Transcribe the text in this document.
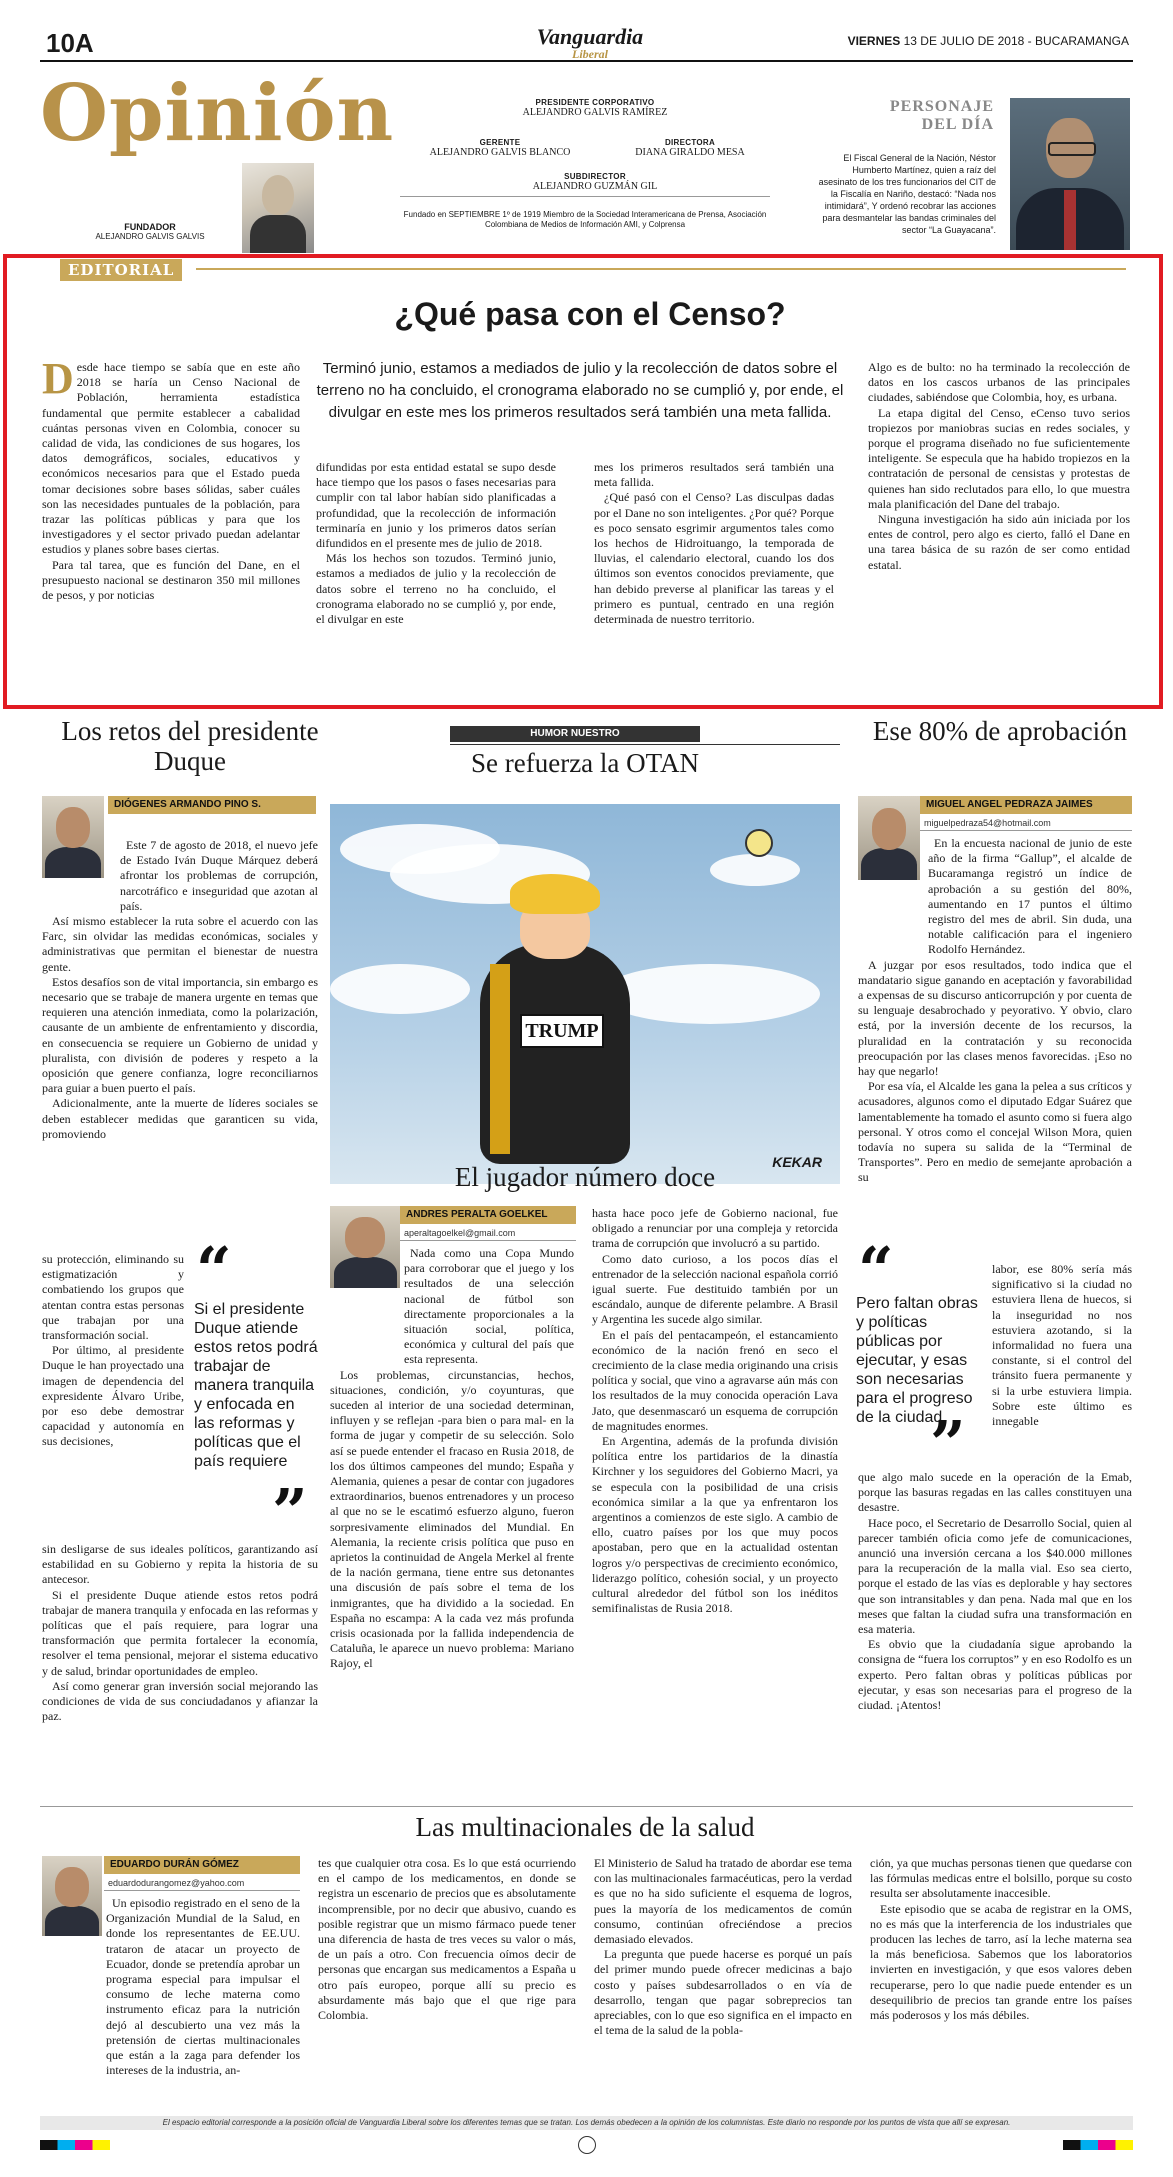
10A	Vanguardia
Liberal
VIERNES 13 DE JULIO DE 2018 - BUCARAMANGA
Opinión
FUNDADOR
ALEJANDRO GALVIS GALVIS
PRESIDENTE CORPORATIVO
ALEJANDRO GALVIS RAMÍREZ
GERENTE
ALEJANDRO GALVIS BLANCO
DIRECTORA
DIANA GIRALDO MESA
SUBDIRECTOR
ALEJANDRO GUZMÁN GIL
Fundado en SEPTIEMBRE 1º de 1919 Miembro de la Sociedad Interamericana de Prensa, Asociación Colombiana de Medios de Información AMI, y Colprensa
PERSONAJE
DEL DÍA
El Fiscal General de la Nación, Néstor Humberto Martínez, quien a raíz del asesinato de los tres funcionarios del CIT de la Fiscalía en Nariño, destacó: “Nada nos intimidará”, Y ordenó recobrar las acciones para desmantelar las bandas criminales del sector “La Guayacana”.
EDITORIAL
¿Qué pasa con el Censo?
Terminó junio, estamos a mediados de julio y la recolección de datos sobre el terreno no ha concluido, el cronograma elaborado no se cumplió y, por ende, el divulgar en este mes los primeros resultados será también una meta fallida.

Desde hace tiempo se sabía que en este año 2018 se haría un Censo Nacional de Población, herramienta estadística fundamental que permite establecer a cabalidad cuántas personas viven en Colombia, conocer su calidad de vida, las condiciones de sus hogares, los datos demográficos, sociales, educativos y económicos necesarios para que el Estado pueda tomar decisiones sobre bases sólidas, saber cuáles son las necesidades puntuales de la población, para trazar las políticas públicas y para que los investigadores y el sector privado puedan adelantar estudios y planes sobre bases ciertas.

Para tal tarea, que es función del Dane, en el presupuesto nacional se destinaron 350 mil millones de pesos, y por noticias

difundidas por esta entidad estatal se supo desde hace tiempo que los pasos o fases necesarias para cumplir con tal labor habían sido planificadas a profundidad, que la recolección de información terminaría en junio y los primeros datos serían difundidos en el presente mes de julio de 2018.

Más los hechos son tozudos. Terminó junio, estamos a mediados de julio y la recolección de datos sobre el terreno no ha concluido, el cronograma elaborado no se cumplió y, por ende, el divulgar en este

mes los primeros resultados será también una meta fallida.

¿Qué pasó con el Censo? Las disculpas dadas por el Dane no son inteligentes. ¿Por qué? Porque es poco sensato esgrimir argumentos tales como los hechos de Hidroituango, la temporada de lluvias, el calendario electoral, cuando los dos últimos son eventos conocidos previamente, que han debido preverse al planificar las tareas y el primero es puntual, centrado en una región determinada de nuestro territorio.

Algo es de bulto: no ha terminado la recolección de datos en los cascos urbanos de las principales ciudades, sabiéndose que Colombia, hoy, es urbana.

La etapa digital del Censo, eCenso tuvo serios tropiezos por maniobras sucias en redes sociales, y porque el programa diseñado no fue suficientemente inteligente. Se especula que ha habido tropiezos en la contratación de personal de censistas y protestas de quienes han sido reclutados para ello, lo que muestra mala planificación del Dane del trabajo.

Ninguna investigación ha sido aún iniciada por los entes de control, pero algo es cierto, falló el Dane en una tarea básica de su razón de ser como entidad estatal.

Los retos del presidente Duque
DIÓGENES ARMANDO PINO S.

Este 7 de agosto de 2018, el nuevo jefe de Estado Iván Duque Márquez deberá afrontar los problemas de corrupción, narcotráfico e inseguridad que azotan al país.

Así mismo establecer la ruta sobre el acuerdo con las Farc, sin olvidar las medidas económicas, sociales y administrativas que permitan el bienestar de nuestra gente.

Estos desafíos son de vital importancia, sin embargo es necesario que se trabaje de manera urgente en temas que requieren una atención inmediata, como la polarización, causante de un ambiente de enfrentamiento y discordia, en consecuencia se requiere un Gobierno de unidad y pluralista, con división de poderes y respeto a la oposición que genere confianza, logre reconciliarnos para guiar a buen puerto el país.

Adicionalmente, ante la muerte de líderes sociales se deben establecer medidas que garanticen su vida, promoviendo

su protección, eliminando su estigmatización y combatiendo los grupos que atentan contra estas personas que trabajan por una transformación social.

Por último, al presidente Duque le han proyectado una imagen de dependencia del expresidente Álvaro Uribe, por eso debe demostrar capacidad y autonomía en sus decisiones,

“
Si el presidente Duque atiende estos retos podrá trabajar de manera tranquila y enfocada en las reformas y políticas que el país requiere
”

sin desligarse de sus ideales políticos, garantizando así estabilidad en su Gobierno y repita la historia de su antecesor.

Si el presidente Duque atiende estos retos podrá trabajar de manera tranquila y enfocada en las reformas y políticas que el país requiere, para lograr una transformación que permita fortalecer la economía, resolver el tema pensional, mejorar el sistema educativo y de salud, brindar oportunidades de empleo.

Así como generar gran inversión social mejorando las condiciones de vida de sus conciudadanos y afianzar la paz.

HUMOR NUESTRO
Se refuerza la OTAN
TRUMP
KEKAR
El jugador número doce
ANDRES PERALTA GOELKEL
aperaltagoelkel@gmail.com

Nada como una Copa Mundo para corroborar que el juego y los resultados de una selección nacional de fútbol son directamente proporcionales a la situación social, política, económica y cultural del país que esta representa.

Los problemas, circunstancias, hechos, situaciones, condición, y/o coyunturas, que suceden al interior de una sociedad determinan, influyen y se reflejan -para bien o para mal- en la forma de jugar y competir de su selección. Solo así se puede entender el fracaso en Rusia 2018, de los dos últimos campeones del mundo; España y Alemania, quienes a pesar de contar con jugadores extraordinarios, buenos entrenadores y un proceso al que no se le escatimó esfuerzo alguno, fueron sorpresivamente eliminados del Mundial. En Alemania, la reciente crisis política que puso en aprietos la continuidad de Angela Merkel al frente de la nación germana, tiene entre sus detonantes una discusión de país sobre el tema de los inmigrantes, que ha dividido a la sociedad. En España no escampa: A la cada vez más profunda crisis ocasionada por la fallida independencia de Cataluña, le aparece un nuevo problema: Mariano Rajoy, el

hasta hace poco jefe de Gobierno nacional, fue obligado a renunciar por una compleja y retorcida trama de corrupción que involucró a su partido.

Como dato curioso, a los pocos días el entrenador de la selección nacional española corrió igual suerte. Fue destituido también por un escándalo, aunque de diferente pelambre. A Brasil y Argentina les sucede algo similar.

En el país del pentacampeón, el estancamiento económico de la nación frenó en seco el crecimiento de la clase media originando una crisis política y social, que vino a agravarse aún más con los resultados de la muy conocida operación Lava Jato, que desenmascaró un esquema de corrupción de magnitudes enormes.

En Argentina, además de la profunda división política entre los partidarios de la dinastía Kirchner y los seguidores del Gobierno Macri, ya se especula con la posibilidad de una crisis económica similar a la que ya enfrentaron los argentinos a comienzos de este siglo. A cambio de ello, cuatro países por los que muy pocos apostaban, pero que en la actualidad ostentan logros y/o perspectivas de crecimiento económico, liderazgo político, cohesión social, y un proyecto cultural alrededor del fútbol son los inéditos semifinalistas de Rusia 2018.

Ese 80% de aprobación
MIGUEL ANGEL PEDRAZA JAIMES
miguelpedraza54@hotmail.com

En la encuesta nacional de junio de este año de la firma “Gallup”, el alcalde de Bucaramanga registró un índice de aprobación a su gestión del 80%, aumentando en 17 puntos el último registro del mes de abril. Sin duda, una notable calificación para el ingeniero Rodolfo Hernández.

A juzgar por esos resultados, todo indica que el mandatario sigue ganando en aceptación y favorabilidad a expensas de su discurso anticorrupción y por cuenta de su lenguaje desabrochado y peyorativo. Y obvio, claro está, por la inversión decente de los recursos, la pluralidad en la contratación y su reconocida preocupación por las clases menos favorecidas. ¡Eso no hay que negarlo!

Por esa vía, el Alcalde les gana la pelea a sus críticos y acusadores, algunos como el diputado Edgar Suárez que lamentablemente ha tomado el asunto como si fuera algo personal. Y otros como el concejal Wilson Mora, quien todavía no supera su salida de la “Terminal de Transportes”. Pero en medio de semejante aprobación a su

“
Pero faltan obras y políticas públicas por ejecutar, y esas son necesarias para el progreso de la ciudad.
”

labor, ese 80% sería más significativo si la ciudad no estuviera llena de huecos, si la inseguridad no nos estuviera azotando, si la informalidad no fuera una constante, si el control del tránsito fuera permanente y si la urbe estuviera limpia. Sobre este último es innegable

que algo malo sucede en la operación de la Emab, porque las basuras regadas en las calles constituyen una desastre.

Hace poco, el Secretario de Desarrollo Social, quien al parecer también oficia como jefe de comunicaciones, anunció una inversión cercana a los $40.000 millones para la recuperación de la malla vial. Eso sea cierto, porque el estado de las vías es deplorable y hay sectores que son intransitables y dan pena. Nada mal que en los meses que faltan la ciudad sufra una transformación en esa materia.

Es obvio que la ciudadanía sigue aprobando la consigna de “fuera los corruptos” y en eso Rodolfo es un experto. Pero faltan obras y políticas públicas por ejecutar, y esas son necesarias para el progreso de la ciudad. ¡Atentos!

Las multinacionales de la salud
EDUARDO DURÁN GÓMEZ
eduardodurangomez@yahoo.com

Un episodio registrado en el seno de la Organización Mundial de la Salud, en donde los representantes de EE.UU. trataron de atacar un proyecto de Ecuador, donde se pretendía aprobar un programa especial para impulsar el consumo de leche materna como instrumento eficaz para la nutrición dejó al descubierto una vez más la pretensión de ciertas multinacionales que están a la zaga para defender los intereses de la industria, an-

tes que cualquier otra cosa. Es lo que está ocurriendo en el campo de los medicamentos, en donde se registra un escenario de precios que es absolutamente incomprensible, por no decir que abusivo, cuando es posible registrar que un mismo fármaco puede tener una diferencia de hasta de tres veces su valor o más, de un país a otro. Con frecuencia oímos decir de personas que encargan sus medicamentos a España u otro país europeo, porque allí su precio es absurdamente más bajo que el que rige para Colombia.

El Ministerio de Salud ha tratado de abordar ese tema con las multinacionales farmacéuticas, pero la verdad es que no ha sido suficiente el esquema de logros, pues la mayoría de los medicamentos de común consumo, continúan ofreciéndose a precios demasiado elevados.

La pregunta que puede hacerse es porqué un país del primer mundo puede ofrecer medicinas a bajo costo y países subdesarrollados o en vía de desarrollo, tengan que pagar sobreprecios tan apreciables, con lo que eso significa en el impacto en el tema de la salud de la pobla-

ción, ya que muchas personas tienen que quedarse con las fórmulas medicas entre el bolsillo, porque su costo resulta ser absolutamente inaccesible.

Este episodio que se acaba de registrar en la OMS, no es más que la interferencia de los industriales que producen las leches de tarro, así la leche materna sea la más beneficiosa. Sabemos que los laboratorios invierten en investigación, y que esos valores deben recuperarse, pero lo que nadie puede entender es un desequilibrio de precios tan grande entre los países más poderosos y los más débiles.

El espacio editorial corresponde a la posición oficial de Vanguardia Liberal sobre los diferentes temas que se tratan. Los demás obedecen a la opinión de los columnistas. Este diario no responde por los puntos de vista que allí se expresan.
